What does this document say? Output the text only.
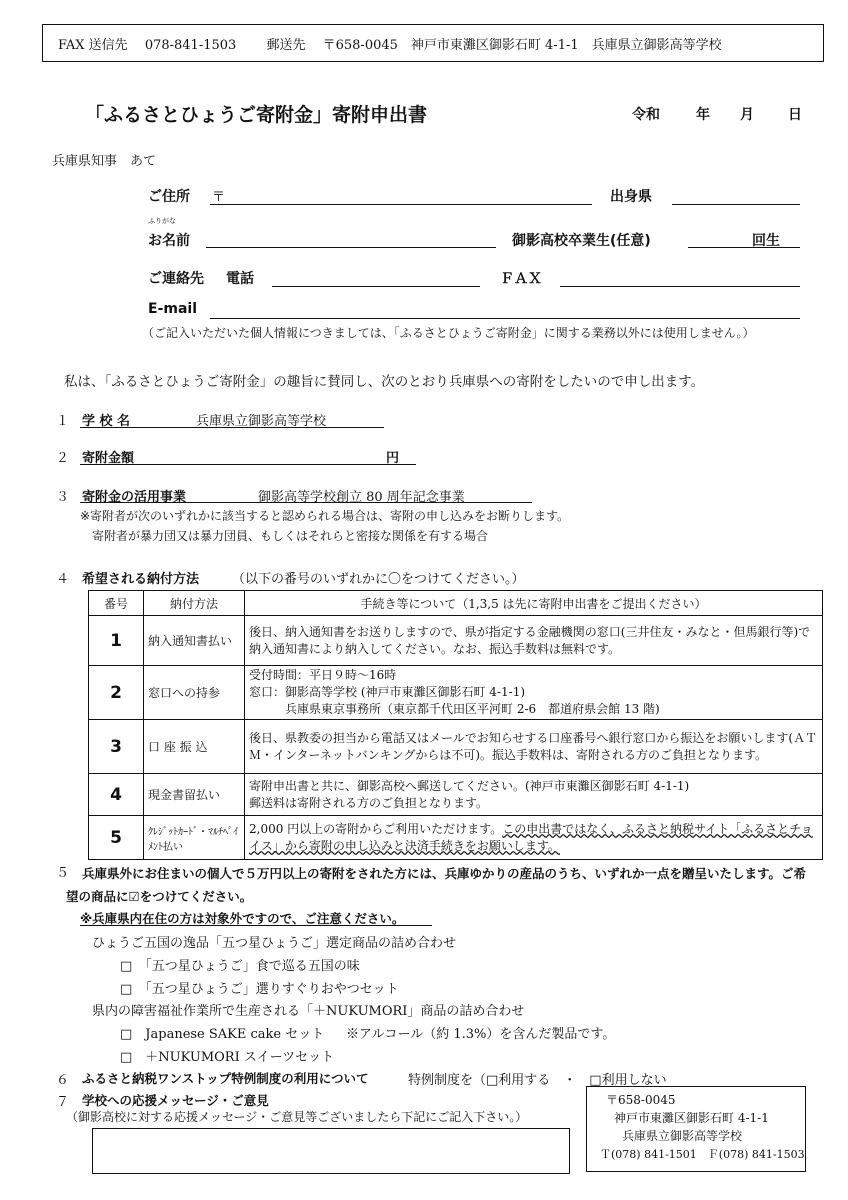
FAX 送信先　 078-841-1503　　 郵送先　 〒658-0045　神戸市東灘区御影石町 4-1-1　兵庫県立御影高等学校
「ふるさとひょうご寄附金」寄附申出書	令和	年 月 日
兵庫県知事　あて
ご住所 〒	出身県
ふりがな
お名前	御影高校卒業生(任意)	回生
ご連絡先 電話	ＦＡＸ
E-mail
（ご記入いただいた個人情報につきましては、「ふるさとひょうご寄附金」に関する業務以外には使用しません。）
私は、「ふるさとひょうご寄附金」の趣旨に賛同し、次のとおり兵庫県への寄附をしたいので申し出ます。
１ 学 校 名	兵庫県立御影高等学校
２ 寄附金額	円
３ 寄附金の活用事業	御影高等学校創立 80 周年記念事業
※寄附者が次のいずれかに該当すると認められる場合は、寄附の申し込みをお断りします。
寄附者が暴力団又は暴力団員、もしくはそれらと密接な関係を有する場合
４ 希望される納付方法	（以下の番号のいずれかに〇をつけてください。）
番号	納付方法	手続き等について（1,3,5 は先に寄附申出書をご提出ください）
1	納入通知書払い	後日、納入通知書をお送りしますので、県が指定する金融機関の窓口(三井住友・みなと・但馬銀行等)で納入通知書により納入してください。なお、振込手数料は無料です。
2	窓口への持参	受付時間：平日９時～16時
窓口：御影高等学校 (神戸市東灘区御影石町 4-1-1)
　　　兵庫県東京事務所（東京都千代田区平河町 2-6　都道府県会館 13 階)
3	口 座 振 込	後日、県教委の担当から電話又はメールでお知らせする口座番号へ銀行窓口から振込をお願いします(ＡＴＭ・インターネットバンキングからは不可)。振込手数料は、寄附される方のご負担となります。
4	現金書留払い	寄附申出書と共に、御影高校へ郵送してください。(神戸市東灘区御影石町 4-1-1)
郵送料は寄附される方のご負担となります。
5	ｸﾚｼﾞｯﾄｶｰﾄﾞ・ﾏﾙﾁﾍﾟｲﾒﾝﾄ払い	2,000 円以上の寄附からご利用いただけます。この申出書ではなく、ふるさと納税サイト「ふるさとチョイス」から寄附の申し込みと決済手続きをお願いします。
５	兵庫県外にお住まいの個人で５万円以上の寄附をされた方には、兵庫ゆかりの産品のうち、いずれか一点を贈呈いたします。ご希望の商品に☑をつけてください。
※兵庫県内在住の方は対象外ですので、ご注意ください。
ひょうご五国の逸品「五つ星ひょうご」選定商品の詰め合わせ
□　「五つ星ひょうご」食で巡る五国の味
□　「五つ星ひょうご」選りすぐりおやつセット
県内の障害福祉作業所で生産される「＋NUKUMORI」商品の詰め合わせ
□　Japanese SAKE cake セット ※アルコール（約 1.3%）を含んだ製品です。
□　＋NUKUMORI スイーツセット
６ ふるさと納税ワンストップ特例制度の利用について	特例制度を（□利用する　・　□利用しない
７ 学校への応援メッセージ・ご意見
（御影高校に対する応援メッセージ・ご意見等ございましたら下記にご記入下さい。）
〒658-0045
神戸市東灘区御影石町 4-1-1
兵庫県立御影高等学校
Ｔ(078) 841-1501　Ｆ(078) 841-1503
